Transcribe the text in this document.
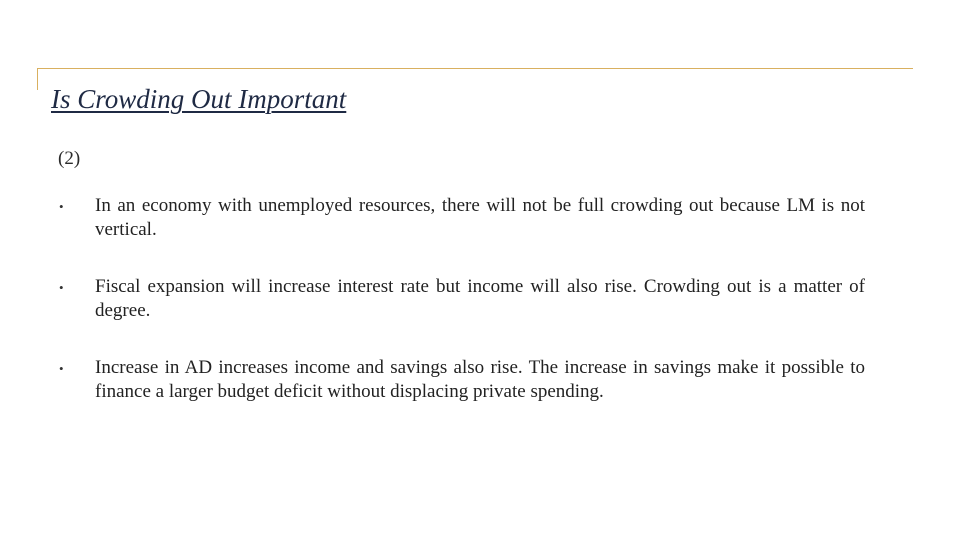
Is Crowding Out Important
(2)
• In an economy with unemployed resources, there will not be full crowding out because LM is not vertical.
• Fiscal expansion will increase interest rate but income will also rise. Crowding out is a matter of degree.
• Increase in AD increases income and savings also rise. The increase in savings make it possible to finance a larger budget deficit without displacing private spending.
